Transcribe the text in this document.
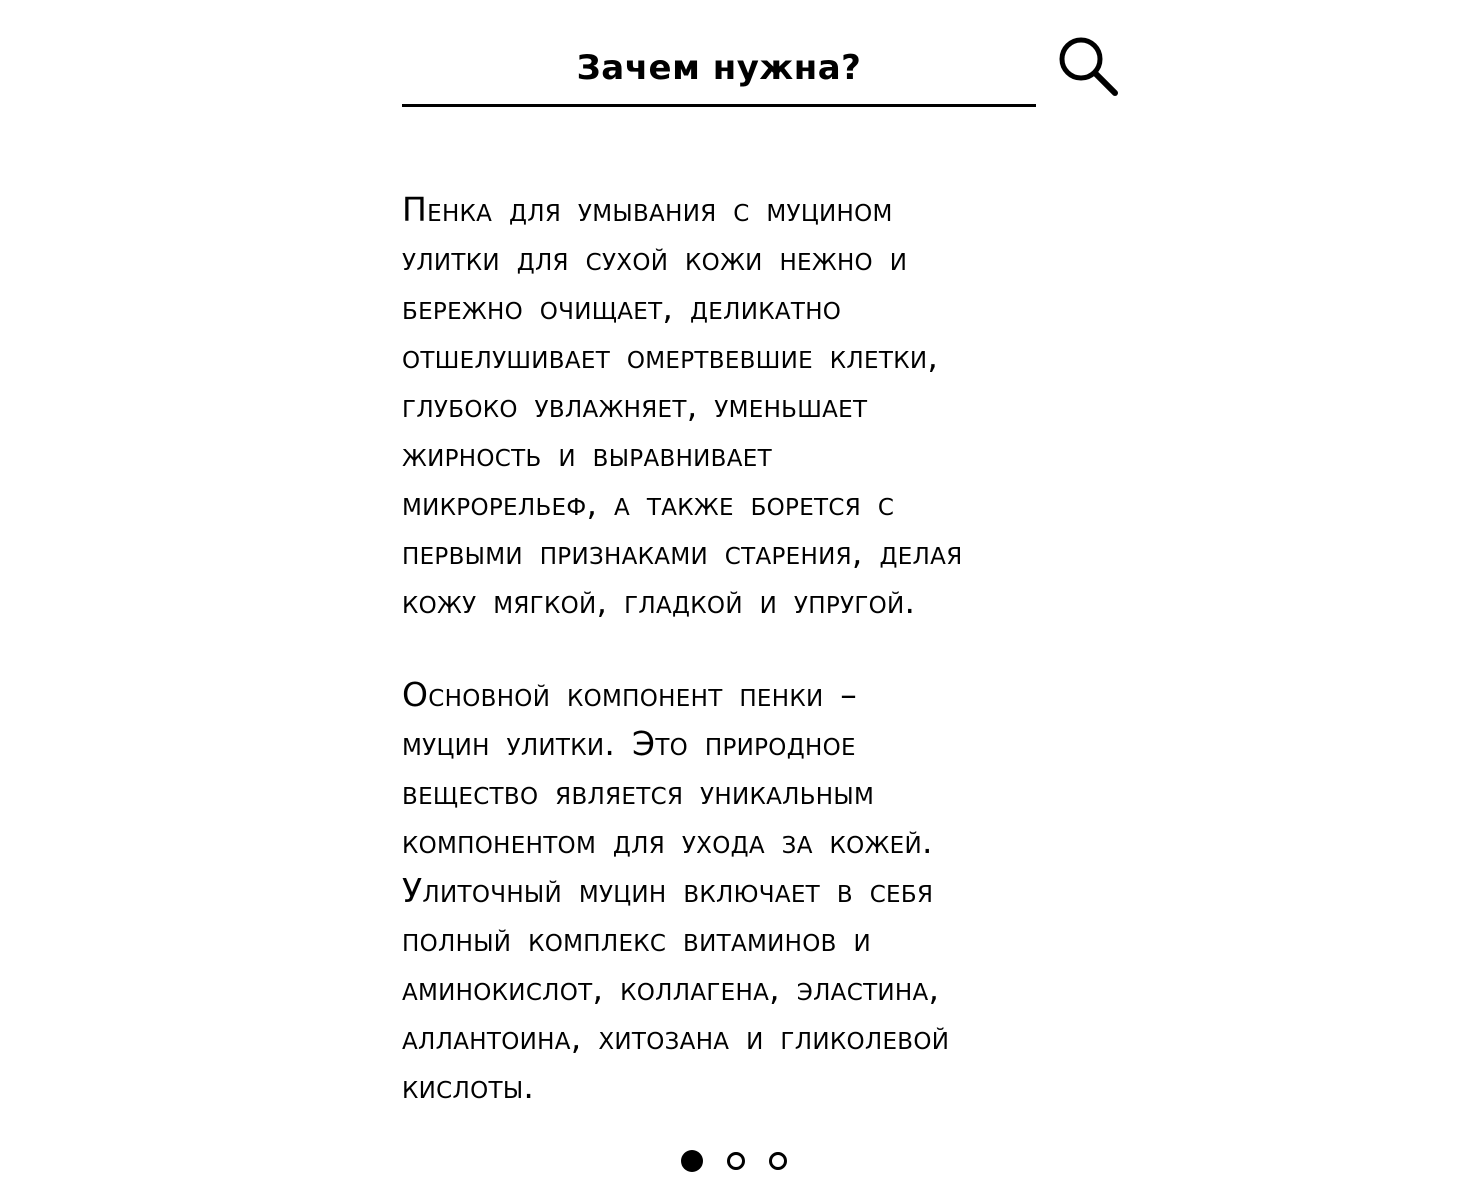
Зачем нужна?

Пенка для умывания с муцином
улитки для сухой кожи нежно и
бережно очищает, деликатно
отшелушивает омертвевшие клетки,
глубоко увлажняет, уменьшает
жирность и выравнивает
микрорельеф, а также борется с
первыми признаками старения, делая
кожу мягкой, гладкой и упругой.

Основной компонент пенки –
муцин улитки. Это природное
вещество является уникальным
компонентом для ухода за кожей.
Улиточный муцин включает в себя
полный комплекс витаминов и
аминокислот, коллагена, эластина,
аллантоина, хитозана и гликолевой
кислоты.
